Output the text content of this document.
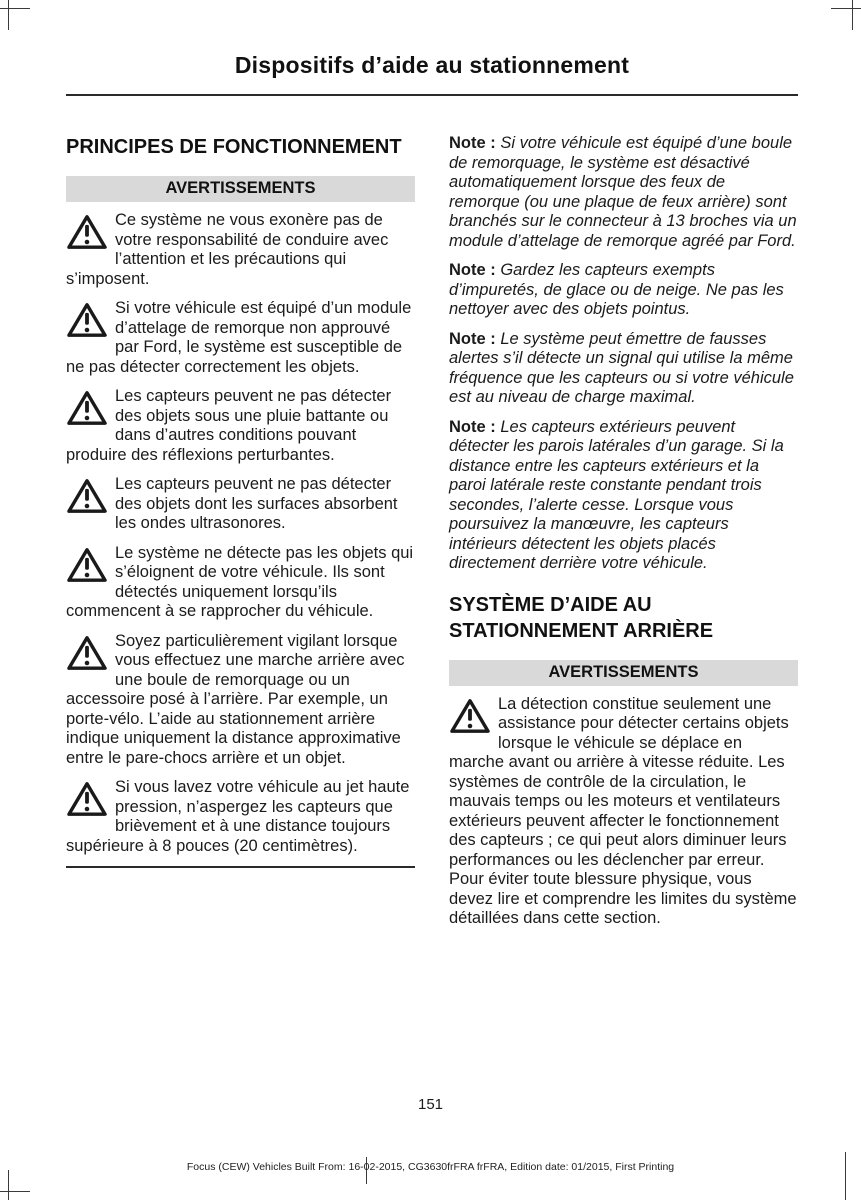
Dispositifs d’aide au stationnement
PRINCIPES DE FONCTIONNEMENT
AVERTISSEMENTS
Ce système ne vous exonère pas de votre responsabilité de conduire avec l’attention et les précautions qui s’imposent.
Si votre véhicule est équipé d’un module d’attelage de remorque non approuvé par Ford, le système est susceptible de ne pas détecter correctement les objets.
Les capteurs peuvent ne pas détecter des objets sous une pluie battante ou dans d’autres conditions pouvant produire des réflexions perturbantes.
Les capteurs peuvent ne pas détecter des objets dont les surfaces absorbent les ondes ultrasonores.
Le système ne détecte pas les objets qui s’éloignent de votre véhicule. Ils sont détectés uniquement lorsqu’ils commencent à se rapprocher du véhicule.
Soyez particulièrement vigilant lorsque vous effectuez une marche arrière avec une boule de remorquage ou un accessoire posé à l’arrière. Par exemple, un porte-vélo. L’aide au stationnement arrière indique uniquement la distance approximative entre le pare-chocs arrière et un objet.
Si vous lavez votre véhicule au jet haute pression, n’aspergez les capteurs que brièvement et à une distance toujours supérieure à 8 pouces (20 centimètres).

Note : Si votre véhicule est équipé d’une boule de remorquage, le système est désactivé automatiquement lorsque des feux de remorque (ou une plaque de feux arrière) sont branchés sur le connecteur à 13 broches via un module d’attelage de remorque agréé par Ford.

Note : Gardez les capteurs exempts d’impuretés, de glace ou de neige. Ne pas les nettoyer avec des objets pointus.

Note : Le système peut émettre de fausses alertes s’il détecte un signal qui utilise la même fréquence que les capteurs ou si votre véhicule est au niveau de charge maximal.

Note : Les capteurs extérieurs peuvent détecter les parois latérales d’un garage. Si la distance entre les capteurs extérieurs et la paroi latérale reste constante pendant trois secondes, l’alerte cesse. Lorsque vous poursuivez la manœuvre, les capteurs intérieurs détectent les objets placés directement derrière votre véhicule.

SYSTÈME D’AIDE AU STATIONNEMENT ARRIÈRE
AVERTISSEMENTS
La détection constitue seulement une assistance pour détecter certains objets lorsque le véhicule se déplace en marche avant ou arrière à vitesse réduite. Les systèmes de contrôle de la circulation, le mauvais temps ou les moteurs et ventilateurs extérieurs peuvent affecter le fonctionnement des capteurs ; ce qui peut alors diminuer leurs performances ou les déclencher par erreur. Pour éviter toute blessure physique, vous devez lire et comprendre les limites du système détaillées dans cette section.
151
Focus (CEW) Vehicles Built From: 16-02-2015, CG3630frFRA frFRA, Edition date: 01/2015, First Printing
